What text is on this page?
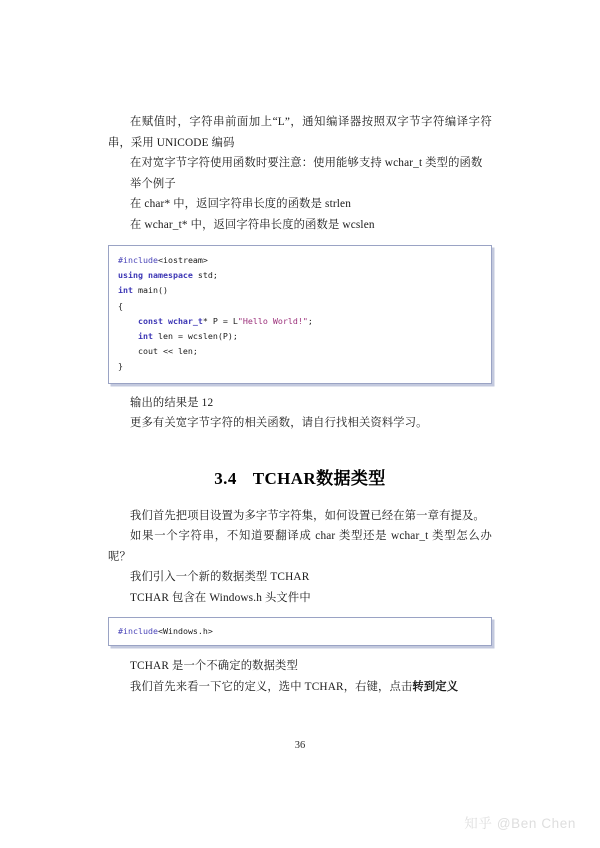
在赋值时，字符串前面加上“L”，通知编译器按照双字节字符编译字符串，采用 UNICODE 编码

在对宽字节字符使用函数时要注意：使用能够支持 wchar_t 类型的函数

举个例子

在 char* 中，返回字符串长度的函数是 strlen

在 wchar_t* 中，返回字符串长度的函数是 wcslen

#include<iostream>
using namespace std;
int main()
{
const wchar_t* P = L"Hello World!";
int len = wcslen(P);
cout << len;
}

输出的结果是 12

更多有关宽字节字符的相关函数，请自行找相关资料学习。

3.4 TCHAR数据类型

我们首先把项目设置为多字节字符集，如何设置已经在第一章有提及。

如果一个字符串，不知道要翻译成 char 类型还是 wchar_t 类型怎么办呢？

我们引入一个新的数据类型 TCHAR

TCHAR 包含在 Windows.h 头文件中

#include<Windows.h>

TCHAR 是一个不确定的数据类型

我们首先来看一下它的定义，选中 TCHAR，右键，点击转到定义

36
知乎 @Ben Chen
